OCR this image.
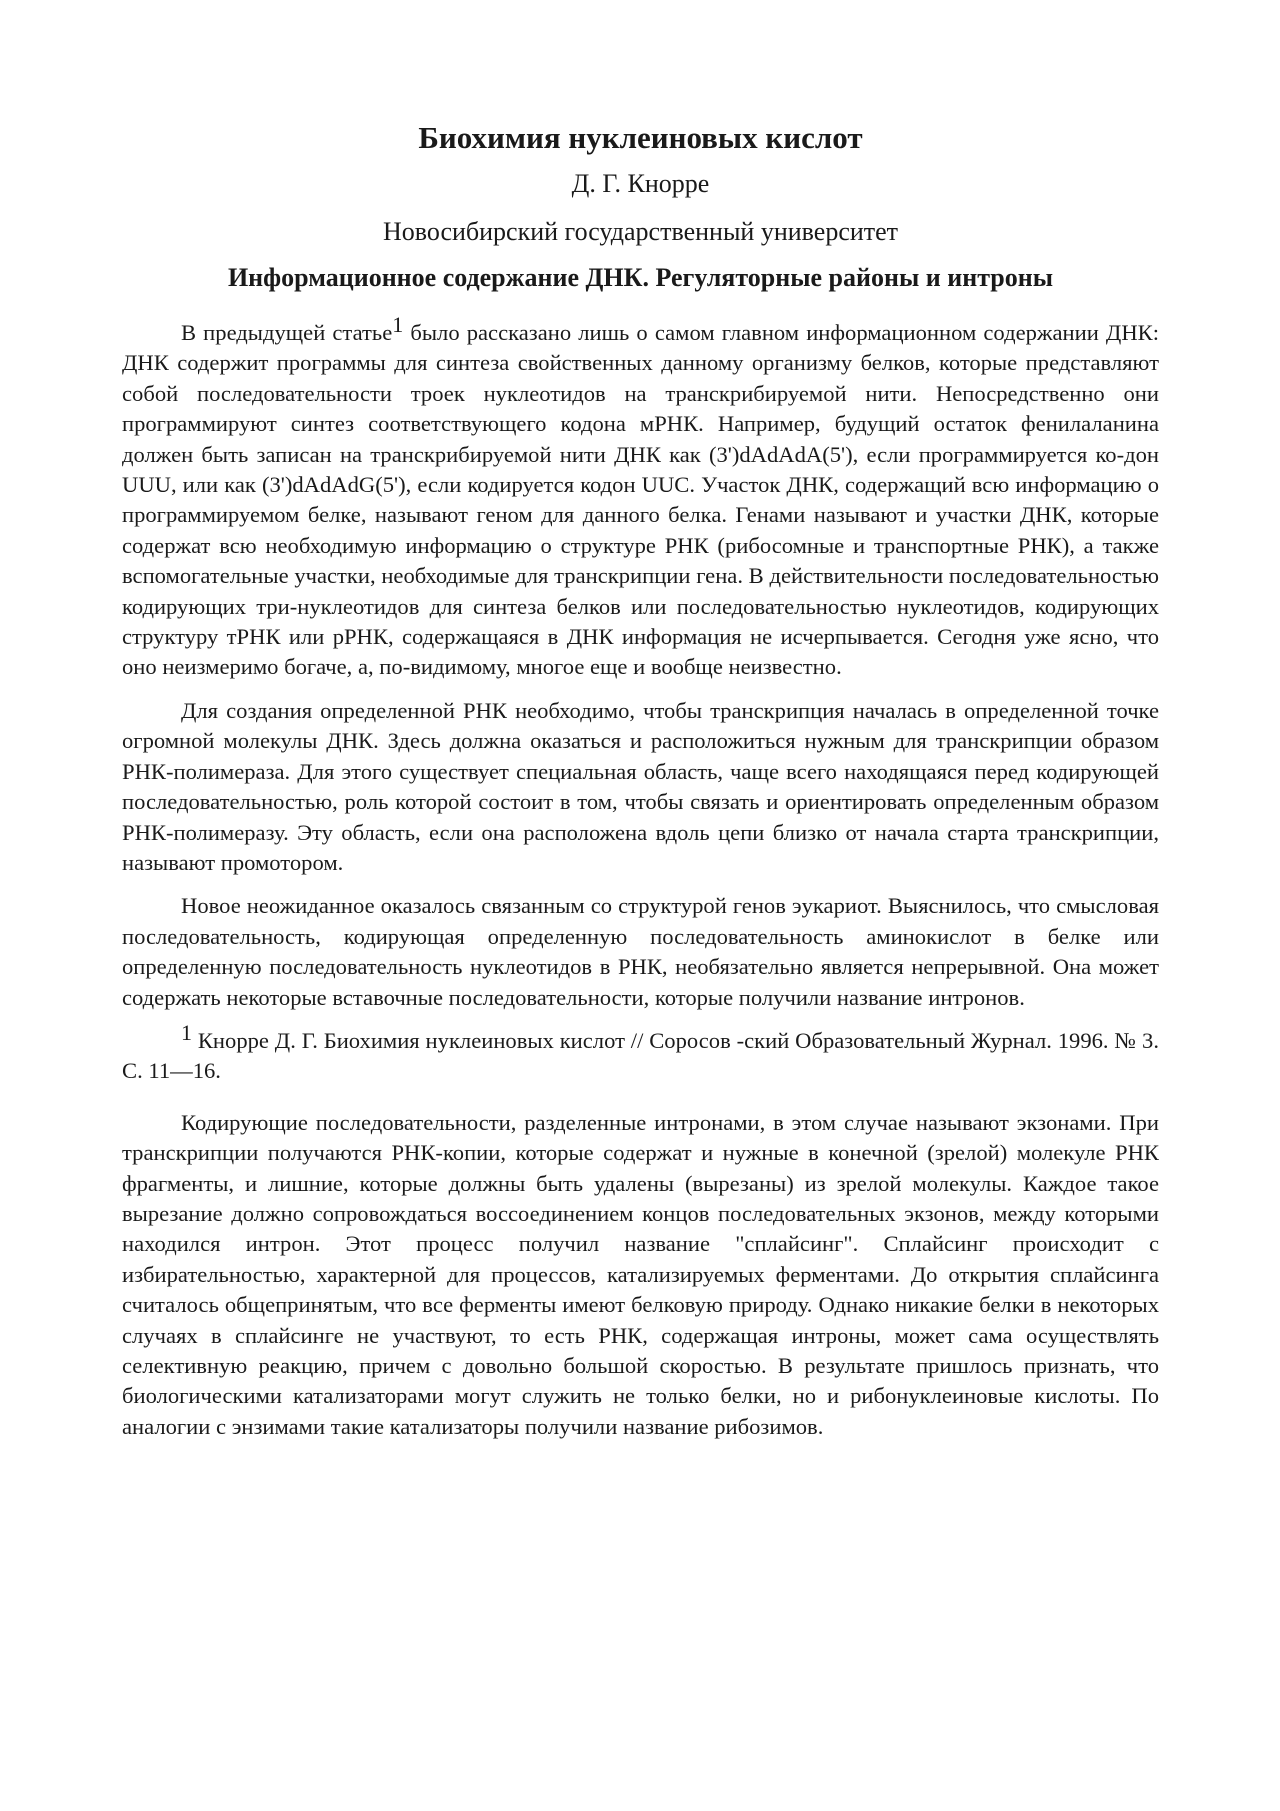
Биохимия нуклеиновых кислот
Д. Г. Кнорре
Новосибирский государственный университет
Информационное содержание ДНК. Регуляторные районы и интроны

В предыдущей статье$^1$ было рассказано лишь о самом главном информационном содержании ДНК: ДНК содержит программы для синтеза свойственных данному организму белков, которые представляют собой последовательности троек нуклеотидов на транскрибируемой нити. Непосредственно они программируют синтез соответствующего кодона мРНК. Например, будущий остаток фенилаланина должен быть записан на транскрибируемой нити ДНК как (3')dAdAdA(5'), если программируется ко-дон UUU, или как (3')dAdAdG(5'), если кодируется кодон UUC. Участок ДНК, содержащий всю информацию о программируемом белке, называют геном для данного белка. Генами называют и участки ДНК, которые содержат всю необходимую информацию о структуре РНК (рибосомные и транспортные РНК), а также вспомогательные участки, необходимые для транскрипции гена. В действительности последовательностью кодирующих три-нуклеотидов для синтеза белков или последовательностью нуклеотидов, кодирующих структуру тРНК или рРНК, содержащаяся в ДНК информация не исчерпывается. Сегодня уже ясно, что оно неизмеримо богаче, а, по-видимому, многое еще и вообще неизвестно.

Для создания определенной РНК необходимо, чтобы транскрипция началась в определенной точке огромной молекулы ДНК. Здесь должна оказаться и расположиться нужным для транскрипции образом РНК-полимераза. Для этого существует специальная область, чаще всего находящаяся перед кодирующей последовательностью, роль которой состоит в том, чтобы связать и ориентировать определенным образом РНК-полимеразу. Эту область, если она расположена вдоль цепи близко от начала старта транскрипции, называют промотором.

Новое неожиданное оказалось связанным со структурой генов эукариот. Выяснилось, что смысловая последовательность, кодирующая определенную последовательность аминокислот в белке или определенную последовательность нуклеотидов в РНК, необязательно является непрерывной. Она может содержать некоторые вставочные последовательности, которые получили название интронов.

$^1$ Кнорре Д. Г. Биохимия нуклеиновых кислот // Соросов -ский Образовательный Журнал. 1996. № 3. С. 11—16.

Кодирующие последовательности, разделенные интронами, в этом случае называют экзонами. При транскрипции получаются РНК-копии, которые содержат и нужные в конечной (зрелой) молекуле РНК фрагменты, и лишние, которые должны быть удалены (вырезаны) из зрелой молекулы. Каждое такое вырезание должно сопровождаться воссоединением концов последовательных экзонов, между которыми находился интрон. Этот процесс получил название "сплайсинг". Сплайсинг происходит с избирательностью, характерной для процессов, катализируемых ферментами. До открытия сплайсинга считалось общепринятым, что все ферменты имеют белковую природу. Однако никакие белки в некоторых случаях в сплайсинге не участвуют, то есть РНК, содержащая интроны, может сама осуществлять селективную реакцию, причем с довольно большой скоростью. В результате пришлось признать, что биологическими катализаторами могут служить не только белки, но и рибонуклеиновые кислоты. По аналогии с энзимами такие катализаторы получили название рибозимов.
